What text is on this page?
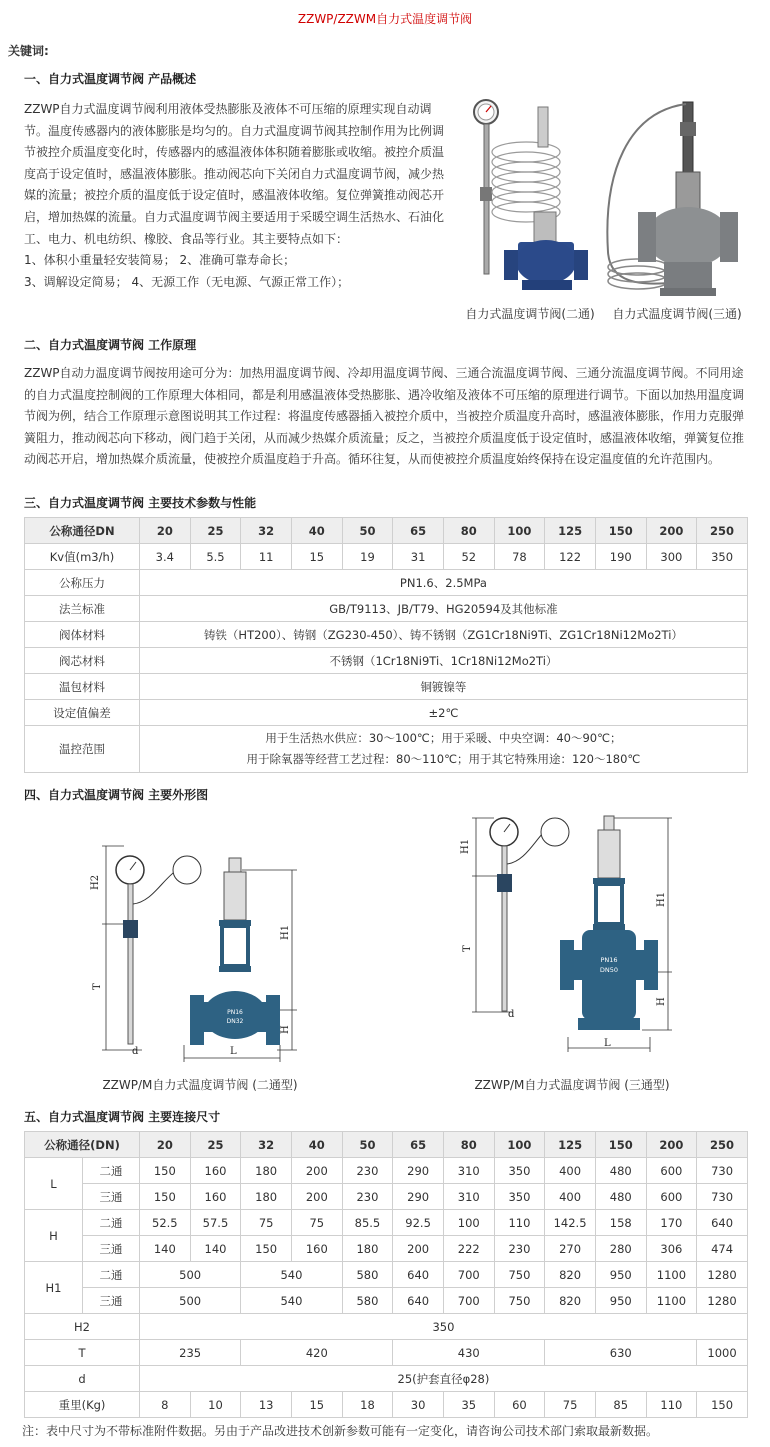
ZZWP/ZZWM自力式温度调节阀
关键词:
一、自力式温度调节阀 产品概述

ZZWP自力式温度调节阀利用液体受热膨胀及液体不可压缩的原理实现自动调

节。温度传感器内的液体膨胀是均匀的。自力式温度调节阀其控制作用为比例调

节被控介质温度变化时，传感器内的感温液体体积随着膨胀或收缩。被控介质温

度高于设定值时，感温液体膨胀。推动阀芯向下关闭自力式温度调节阀，减少热

媒的流量；被控介质的温度低于设定值时，感温液体收缩。复位弹簧推动阀芯开

启，增加热媒的流量。自力式温度调节阀主要适用于采暖空调生活热水、石油化

工、电力、机电纺织、橡胶、食品等行业。其主要特点如下：

1、体积小重量轻安装简易； 2、准确可靠寿命长；

3、调解设定简易； 4、无源工作（无电源、气源正常工作）；

自力式温度调节阀(二通)	自力式温度调节阀(三通)
二、自力式温度调节阀 工作原理

ZZWP自动力温度调节阀按用途可分为：加热用温度调节阀、冷却用温度调节阀、三通合流温度调节阀、三通分流温度调节阀。不同用途

的自力式温度控制阀的工作原理大体相同，都是利用感温液体受热膨胀、遇冷收缩及液体不可压缩的原理进行调节。下面以加热用温度调

节阀为例，结合工作原理示意图说明其工作过程：将温度传感器插入被控介质中，当被控介质温度升高时，感温液体膨胀，作用力克服弹

簧阻力，推动阀芯向下移动，阀门趋于关闭，从而减少热媒介质流量；反之，当被控介质温度低于设定值时，感温液体收缩，弹簧复位推

动阀芯开启，增加热媒介质流量，使被控介质温度趋于升高。循环往复，从而使被控介质温度始终保持在设定温度值的允许范围内。

三、自力式温度调节阀 主要技术参数与性能
公称通径DN	20	25	32	40	50	65	80	100	125	150	200	250
Kv值(m3/h)	3.4	5.5	11	15	19	31	52	78	122	190	300	350
公称压力	PN1.6、2.5MPa											
法兰标准	GB/T9113、JB/T79、HG20594及其他标准											
阀体材料	铸铁（HT200）、铸钢（ZG230-450）、铸不锈钢（ZG1Cr18Ni9Ti、ZG1Cr18Ni12Mo2Ti）											
阀芯材料	不锈钢（1Cr18Ni9Ti、1Cr18Ni12Mo2Ti）											
温包材料	铜镀镍等											
设定值偏差	±2℃											
温控范围	用于生活热水供应：30～100℃；用于采暖、中央空调：40～90℃；
用于除氧器等经营工艺过程：80～110℃；用于其它特殊用途：120～180℃											
四、自力式温度调节阀 主要外形图
PN16
DN32
H2
T
H1
H
L
d
PN16
DN50
H1
T
H1
H
L
d
ZZWP/M自力式温度调节阀 (二通型)	ZZWP/M自力式温度调节阀 (三通型)
五、自力式温度调节阀 主要连接尺寸
公称通径(DN)		20	25	32	40	50	65	80	100	125	150	200	250
L	二通	150	160	180	200	230	290	310	350	400	480	600	730
	三通	150	160	180	200	230	290	310	350	400	480	600	730
H	二通	52.5	57.5	75	75	85.5	92.5	100	110	142.5	158	170	640
	三通	140	140	150	160	180	200	222	230	270	280	306	474
H1	二通	500		540		580	640	700	750	820	950	1100	1280
	三通	500		540		580	640	700	750	820	950	1100	1280
H2		350											
T		235		420			430			630			1000
d		25(护套直径φ28)											
重里(Kg)		8	10	13	15	18	30	35	60	75	85	110	150
注：表中尺寸为不带标准附件数据。另由于产品改进技术创新参数可能有一定变化，请咨询公司技术部门索取最新数据。
